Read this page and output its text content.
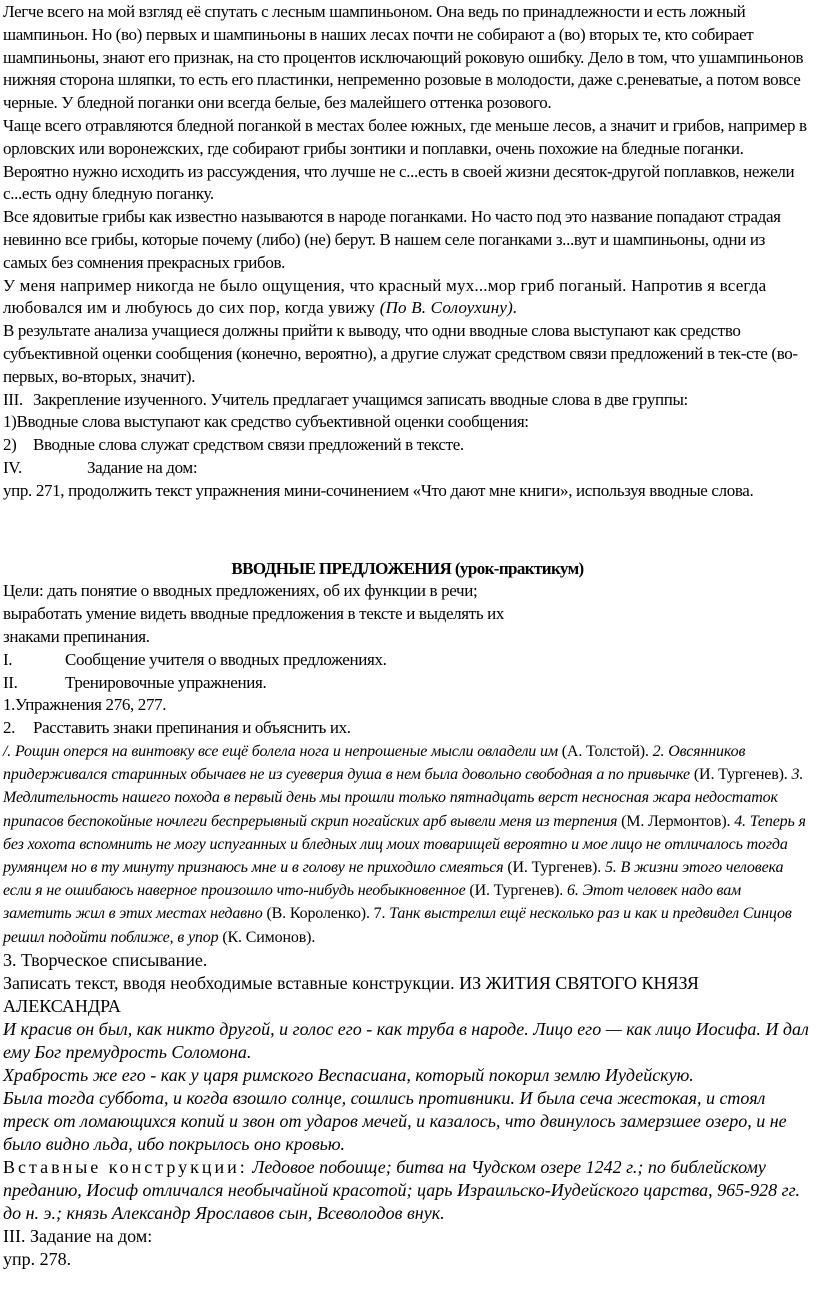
Легче всего на мой взгляд её спутать с лесным шампиньоном. Она ведь по принадлежности и есть ложный шампиньон. Но (во) первых и шампиньоны в наших лесах почти не собирают а (во) вторых те, кто собирает шампиньоны, знают его признак, на сто процентов исключающий роковую ошибку. Дело в том, что ушампиньонов нижняя сторона шляпки, то есть его пластинки, непременно розовые в молодости, даже с.реневатые, а потом вовсе черные. У бледной поганки они всегда белые, без малейшего оттенка розового.

Чаще всего отравляются бледной поганкой в местах более южных, где меньше лесов, а значит и грибов, например в орловских или воронежских, где собирают грибы зонтики и поплавки, очень похожие на бледные поганки.

Вероятно нужно исходить из рассуждения, что лучше не с...есть в своей жизни десяток-другой поплавков, нежели с...есть одну бледную поганку.

Все ядовитые грибы как известно называются в народе поганками. Но часто под это название попадают страдая невинно все грибы, которые почему (либо) (не) берут. В нашем селе поганками з...вут и шампиньоны, одни из самых без сомнения прекрасных грибов.

У меня например никогда не было ощущения, что красный мух...мор гриб поганый. Напротив я всегда любовался им и любуюсь до сих пор, когда увижу (По В. Солоухину).

В результате анализа учащиеся должны прийти к выводу, что одни вводные слова выступают как средство субъективной оценки сообщения (конечно, вероятно), а другие служат средством связи предложений в тек-сте (во-первых, во-вторых, значит).

III. Закрепление изученного. Учитель предлагает учащимся записать вводные слова в две группы:

1)Вводные слова выступают как средство субъективной оценки сообщения:

2) Вводные слова служат средством связи предложений в тексте.

IV.	Задание на дом:

упр. 271, продолжить текст упражнения мини-сочинением «Что дают мне книги», используя вводные слова.

ВВОДНЫЕ ПРЕДЛОЖЕНИЯ (урок-практикум)

Цели: дать понятие о вводных предложениях, об их функции в речи;

выработать умение видеть вводные предложения в тексте и выделять их

знаками препинания.

I.	Сообщение учителя о вводных предложениях.

II.	Тренировочные упражнения.

1.Упражнения 276, 277.

2. Расставить знаки препинания и объяснить их.

/. Рощин оперся на винтовку все ещё болела нога и непрошеные мысли овладели им (А. Толстой). 2. Овсянников придерживался старинных обычаев не из суеверия душа в нем была довольно свободная а по привычке (И. Тургенев). 3. Медлительность нашего похода в первый день мы прошли только пятнадцать верст несносная жара недостаток припасов беспокойные ночлеги беспрерывный скрип ногайских арб вывели меня из терпения (М. Лермонтов). 4. Теперь я без хохота вспомнить не могу испуганных и бледных лиц моих товарищей вероятно и мое лицо не отличалось тогда румянцем но в ту минуту признаюсь мне и в голову не приходило смеяться (И. Тургенев). 5. В жизни этого человека если я не ошибаюсь наверное произошло что-нибудь необыкновенное (И. Тургенев). 6. Этот человек надо вам заметить жил в этих местах недавно (В. Короленко). 7. Танк выстрелил ещё несколько раз и как и предвидел Синцов решил подойти поближе, в упор (К. Симонов).

3. Творческое списывание.

Записать текст, вводя необходимые вставные конструкции. ИЗ ЖИТИЯ СВЯТОГО КНЯЗЯ АЛЕКСАНДРА

И красив он был, как никто другой, и голос его - как труба в народе. Лицо его — как лицо Иосифа. И дал ему Бог премудрость Соломона.

Храбрость же его - как у царя римского Веспасиана, который покорил землю Иудейскую.

Была тогда суббота, и когда взошло солнце, сошлись противники. И была сеча жестокая, и стоял треск от ломающихся копий и звон от ударов мечей, и казалось, что двинулось замерзшее озеро, и не было видно льда, ибо покрылось оно кровью.

Вставные конструкции: Ледовое побоище; битва на Чудском озере 1242 г.; по библейскому преданию, Иосиф отличался необычайной красотой; царь Израильско-Иудейского царства, 965-928 гг. до н. э.; князь Александр Ярославов сын, Всеволодов внук.

III. Задание на дом:

упр. 278.
